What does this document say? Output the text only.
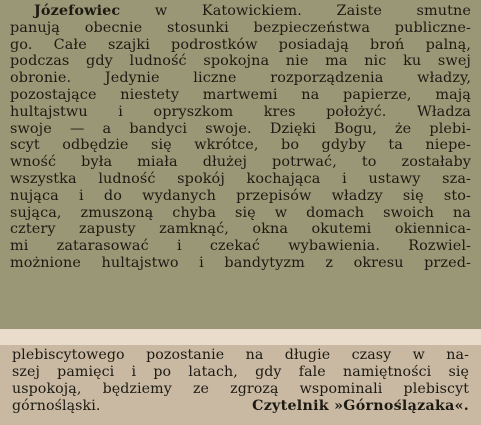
Józefowiec w Katowickiem. Zaiste smutne
panują obecnie stosunki bezpieczeństwa publiczne-
go. Całe szajki podrostków posiadają broń palną,
podczas gdy ludność spokojna nie ma nic ku swej
obronie. Jedynie liczne rozporządzenia władzy,
pozostające niestety martwemi na papierze, mają
hultajstwu i opryszkom kres położyć. Władza
swoje — a bandyci swoje. Dzięki Bogu, że plebi-
scyt odbędzie się wkrótce, bo gdyby ta niepe-
wność była miała dłużej potrwać, to zostałaby
wszystka ludność spokój kochająca i ustawy sza-
nująca i do wydanych przepisów władzy się sto-
sująca, zmuszoną chyba się w domach swoich na
cztery zapusty zamknąć, okna okutemi okiennica-
mi zatarasować i czekać wybawienia. Rozwiel-
możnione hultajstwo i bandytyzm z okresu przed-
plebiscytowego pozostanie na długie czasy w na-
szej pamięci i po latach, gdy fale namiętności się
uspokoją, będziemy ze zgrozą wspominali plebiscyt
górnośląski.	Czytelnik »Górnoślązaka«.
